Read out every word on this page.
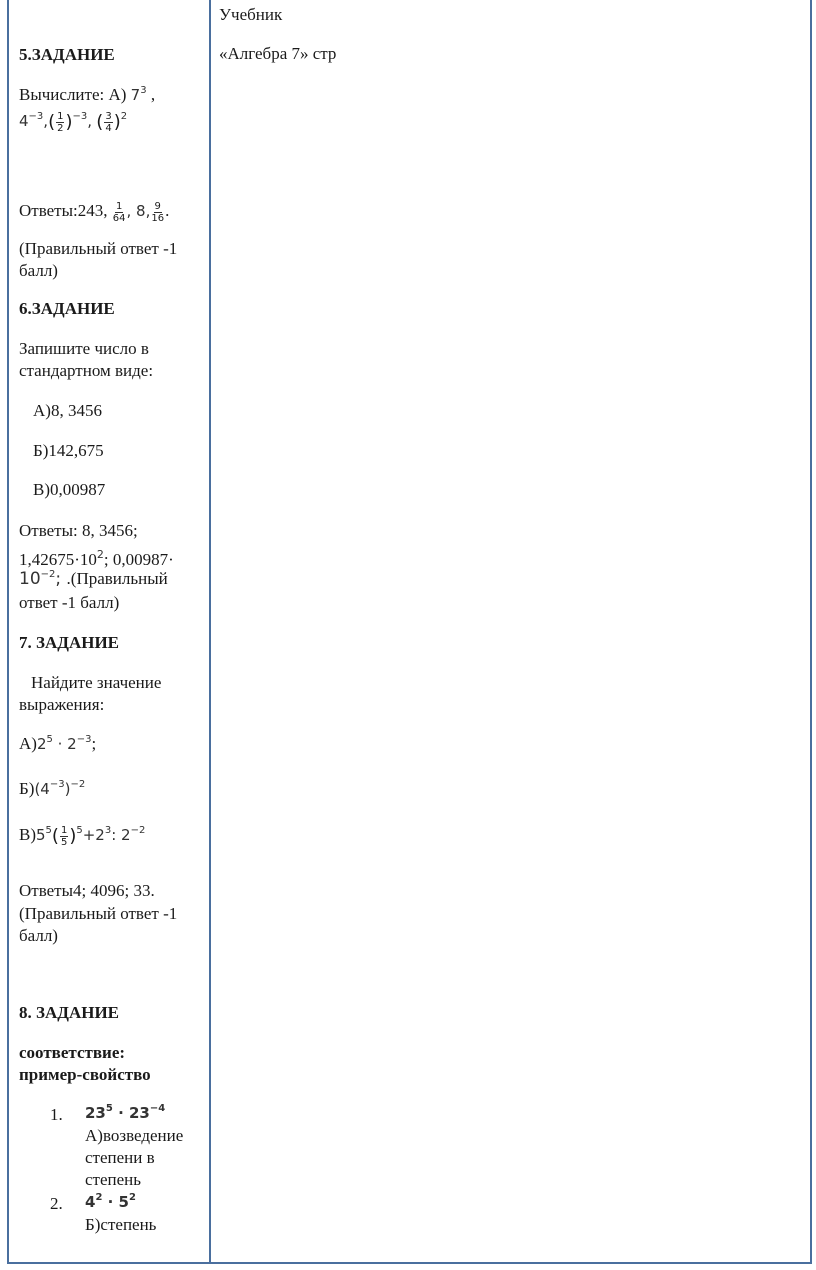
Учебник
«Алгебра 7» стр
5.ЗАДАНИЕ
Вычислите: А) $7^3$ ,
$4^{-3},( \frac{1}{2} )^{-3}$, ( $\frac{3}{4} )^2$
Ответы:243, $\frac{1}{64}$ , 8, $\frac{9}{16}$ .
(Правильный ответ -1
балл)
6.ЗАДАНИЕ
Запишите число в
стандартном виде:
А)8, 3456
Б)142,675
В)0,00987
Ответы: 8, 3456;
$1,42675\cdot 10^2$; 0,00987·
$10^{-2}$; .(Правильный
ответ -1 балл)
7. ЗАДАНИЕ
Найдите значение
выражения:
$А)2^5 \cdot 2^{-3}$;
$Б)(4^{-3})^{-2}$
$В)5^5( \frac{1}{5} )^5+2^3$: $2^{-2}$
Ответы4; 4096; 33.
(Правильный ответ -1
балл)
8. ЗАДАНИЕ
соответствие:
пример-свойство
1. $23^5 \cdot 23^{-4}$
А)возведение
степени в
степень
2. $4^2 \cdot 5^2$
Б)степень
